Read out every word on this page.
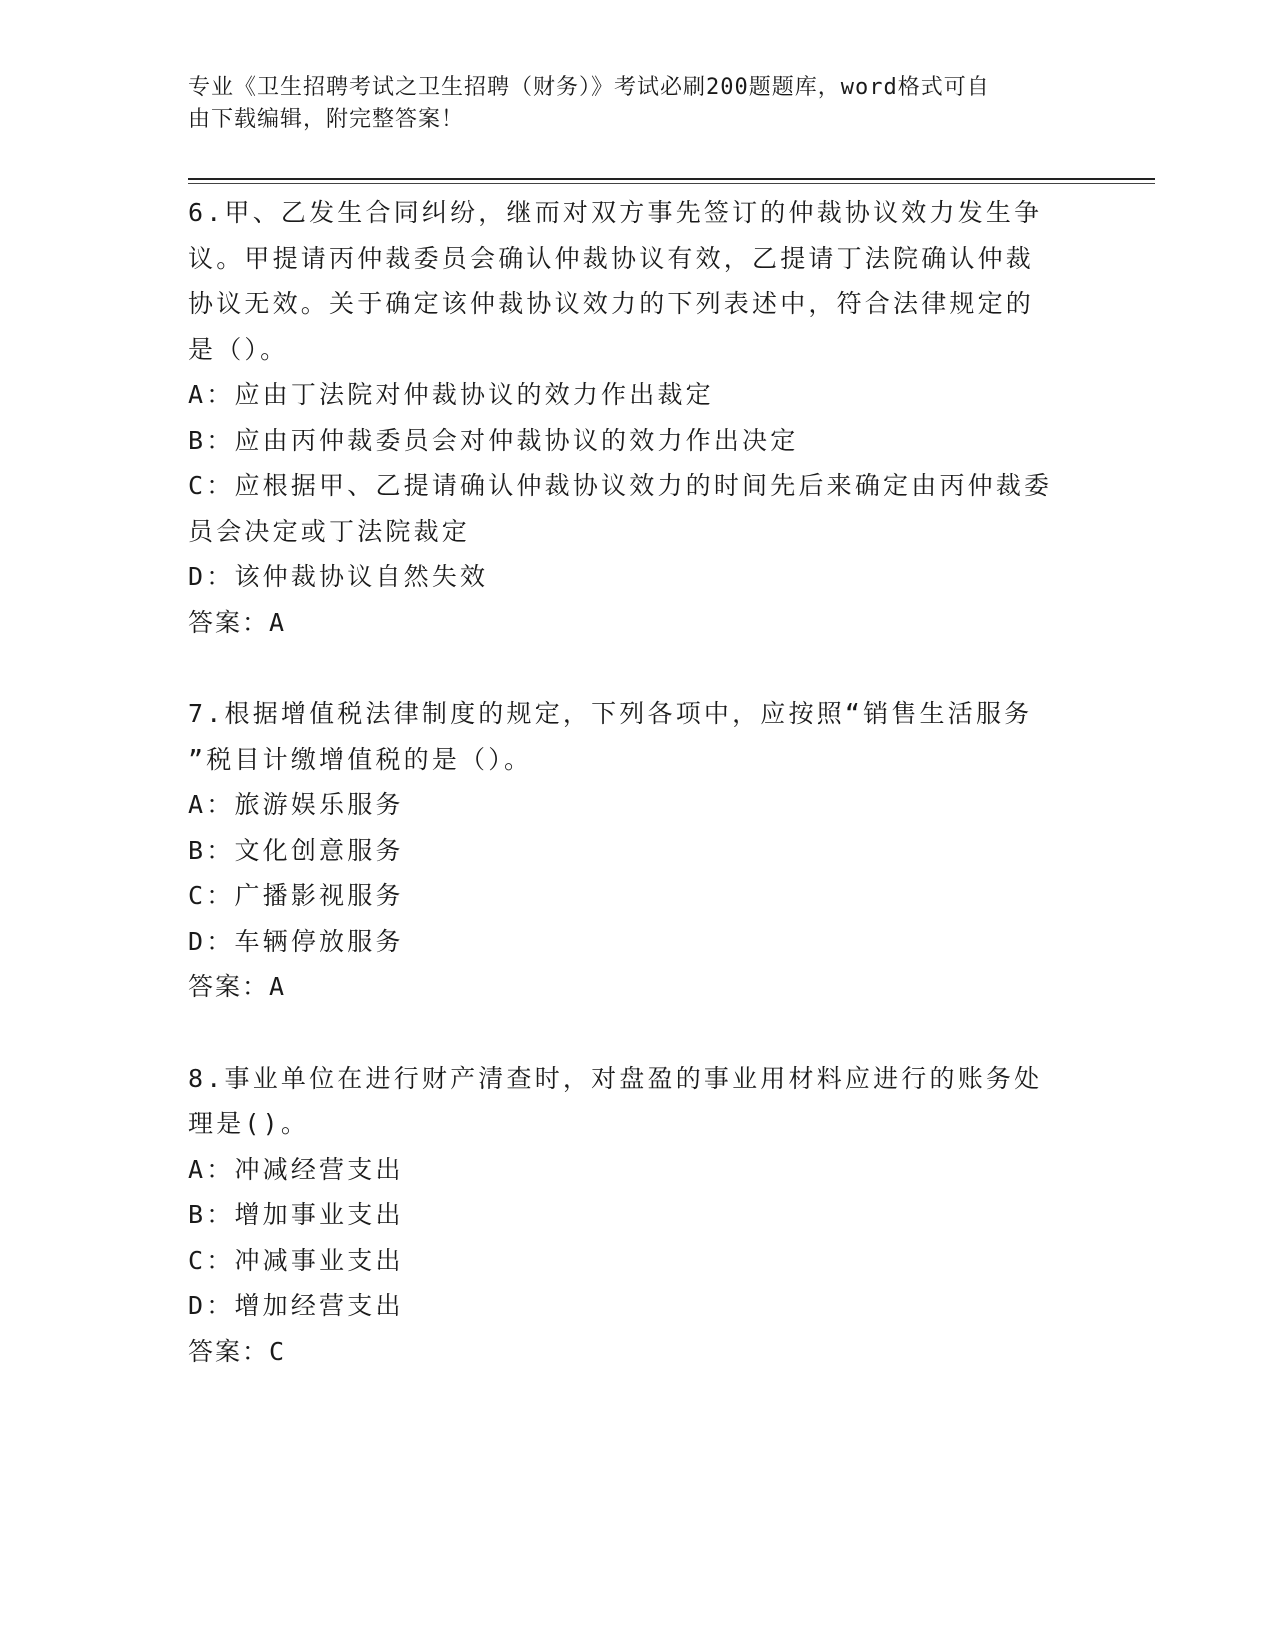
专业《卫生招聘考试之卫生招聘（财务）》考试必刷200题题库，word格式可自
由下载编辑，附完整答案！

6.甲、乙发生合同纠纷，继而对双方事先签订的仲裁协议效力发生争

议。甲提请丙仲裁委员会确认仲裁协议有效，乙提请丁法院确认仲裁

协议无效。关于确定该仲裁协议效力的下列表述中，符合法律规定的

是（）。

A：应由丁法院对仲裁协议的效力作出裁定

B：应由丙仲裁委员会对仲裁协议的效力作出决定

C：应根据甲、乙提请确认仲裁协议效力的时间先后来确定由丙仲裁委

员会决定或丁法院裁定

D：该仲裁协议自然失效

答案：A

7.根据增值税法律制度的规定，下列各项中，应按照“销售生活服务

”税目计缴增值税的是（）。

A：旅游娱乐服务

B：文化创意服务

C：广播影视服务

D：车辆停放服务

答案：A

8.事业单位在进行财产清查时，对盘盈的事业用材料应进行的账务处

理是()。

A：冲减经营支出

B：增加事业支出

C：冲减事业支出

D：增加经营支出

答案：C
